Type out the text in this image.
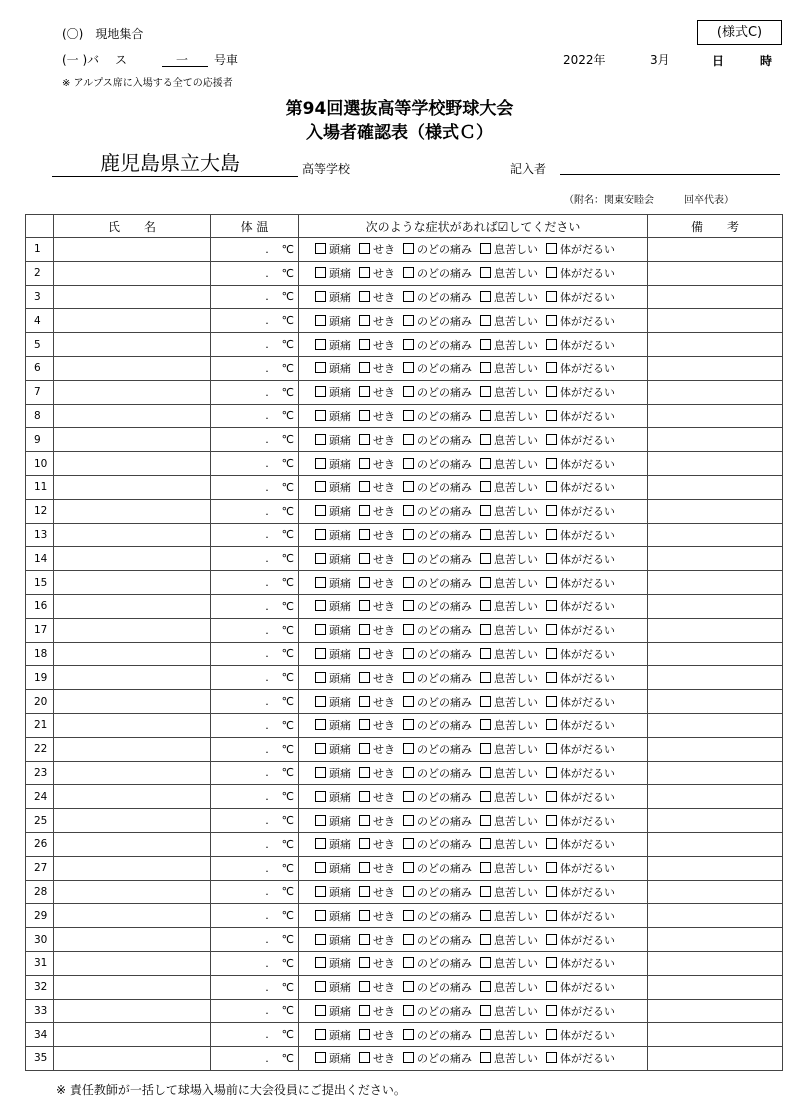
(〇)　現地集合
(一 )バ　 ス	一 号車
※ アルプス席に入場する全ての応援者
2022年	3月	日	時
(様式C)
第94回選抜高等学校野球大会
入場者確認表（様式Ｃ）
鹿児島県立大島	高等学校	記入者
（附名：関東安睦会　　　回卒代表）
	氏　　名	体 温	次のような症状があれば☑してください	備　　考
1		. ℃	頭痛 せき のどの痛み 息苦しい 体がだるい	
2		. ℃	頭痛 せき のどの痛み 息苦しい 体がだるい	
3		. ℃	頭痛 せき のどの痛み 息苦しい 体がだるい	
4		. ℃	頭痛 せき のどの痛み 息苦しい 体がだるい	
5		. ℃	頭痛 せき のどの痛み 息苦しい 体がだるい	
6		. ℃	頭痛 せき のどの痛み 息苦しい 体がだるい	
7		. ℃	頭痛 せき のどの痛み 息苦しい 体がだるい	
8		. ℃	頭痛 せき のどの痛み 息苦しい 体がだるい	
9		. ℃	頭痛 せき のどの痛み 息苦しい 体がだるい	
10		. ℃	頭痛 せき のどの痛み 息苦しい 体がだるい	
11		. ℃	頭痛 せき のどの痛み 息苦しい 体がだるい	
12		. ℃	頭痛 せき のどの痛み 息苦しい 体がだるい	
13		. ℃	頭痛 せき のどの痛み 息苦しい 体がだるい	
14		. ℃	頭痛 せき のどの痛み 息苦しい 体がだるい	
15		. ℃	頭痛 せき のどの痛み 息苦しい 体がだるい	
16		. ℃	頭痛 せき のどの痛み 息苦しい 体がだるい	
17		. ℃	頭痛 せき のどの痛み 息苦しい 体がだるい	
18		. ℃	頭痛 せき のどの痛み 息苦しい 体がだるい	
19		. ℃	頭痛 せき のどの痛み 息苦しい 体がだるい	
20		. ℃	頭痛 せき のどの痛み 息苦しい 体がだるい	
21		. ℃	頭痛 せき のどの痛み 息苦しい 体がだるい	
22		. ℃	頭痛 せき のどの痛み 息苦しい 体がだるい	
23		. ℃	頭痛 せき のどの痛み 息苦しい 体がだるい	
24		. ℃	頭痛 せき のどの痛み 息苦しい 体がだるい	
25		. ℃	頭痛 せき のどの痛み 息苦しい 体がだるい	
26		. ℃	頭痛 せき のどの痛み 息苦しい 体がだるい	
27		. ℃	頭痛 せき のどの痛み 息苦しい 体がだるい	
28		. ℃	頭痛 せき のどの痛み 息苦しい 体がだるい	
29		. ℃	頭痛 せき のどの痛み 息苦しい 体がだるい	
30		. ℃	頭痛 せき のどの痛み 息苦しい 体がだるい	
31		. ℃	頭痛 せき のどの痛み 息苦しい 体がだるい	
32		. ℃	頭痛 せき のどの痛み 息苦しい 体がだるい	
33		. ℃	頭痛 せき のどの痛み 息苦しい 体がだるい	
34		. ℃	頭痛 せき のどの痛み 息苦しい 体がだるい	
35		. ℃	頭痛 せき のどの痛み 息苦しい 体がだるい	
※ 責任教師が一括して球場入場前に大会役員にご提出ください。
